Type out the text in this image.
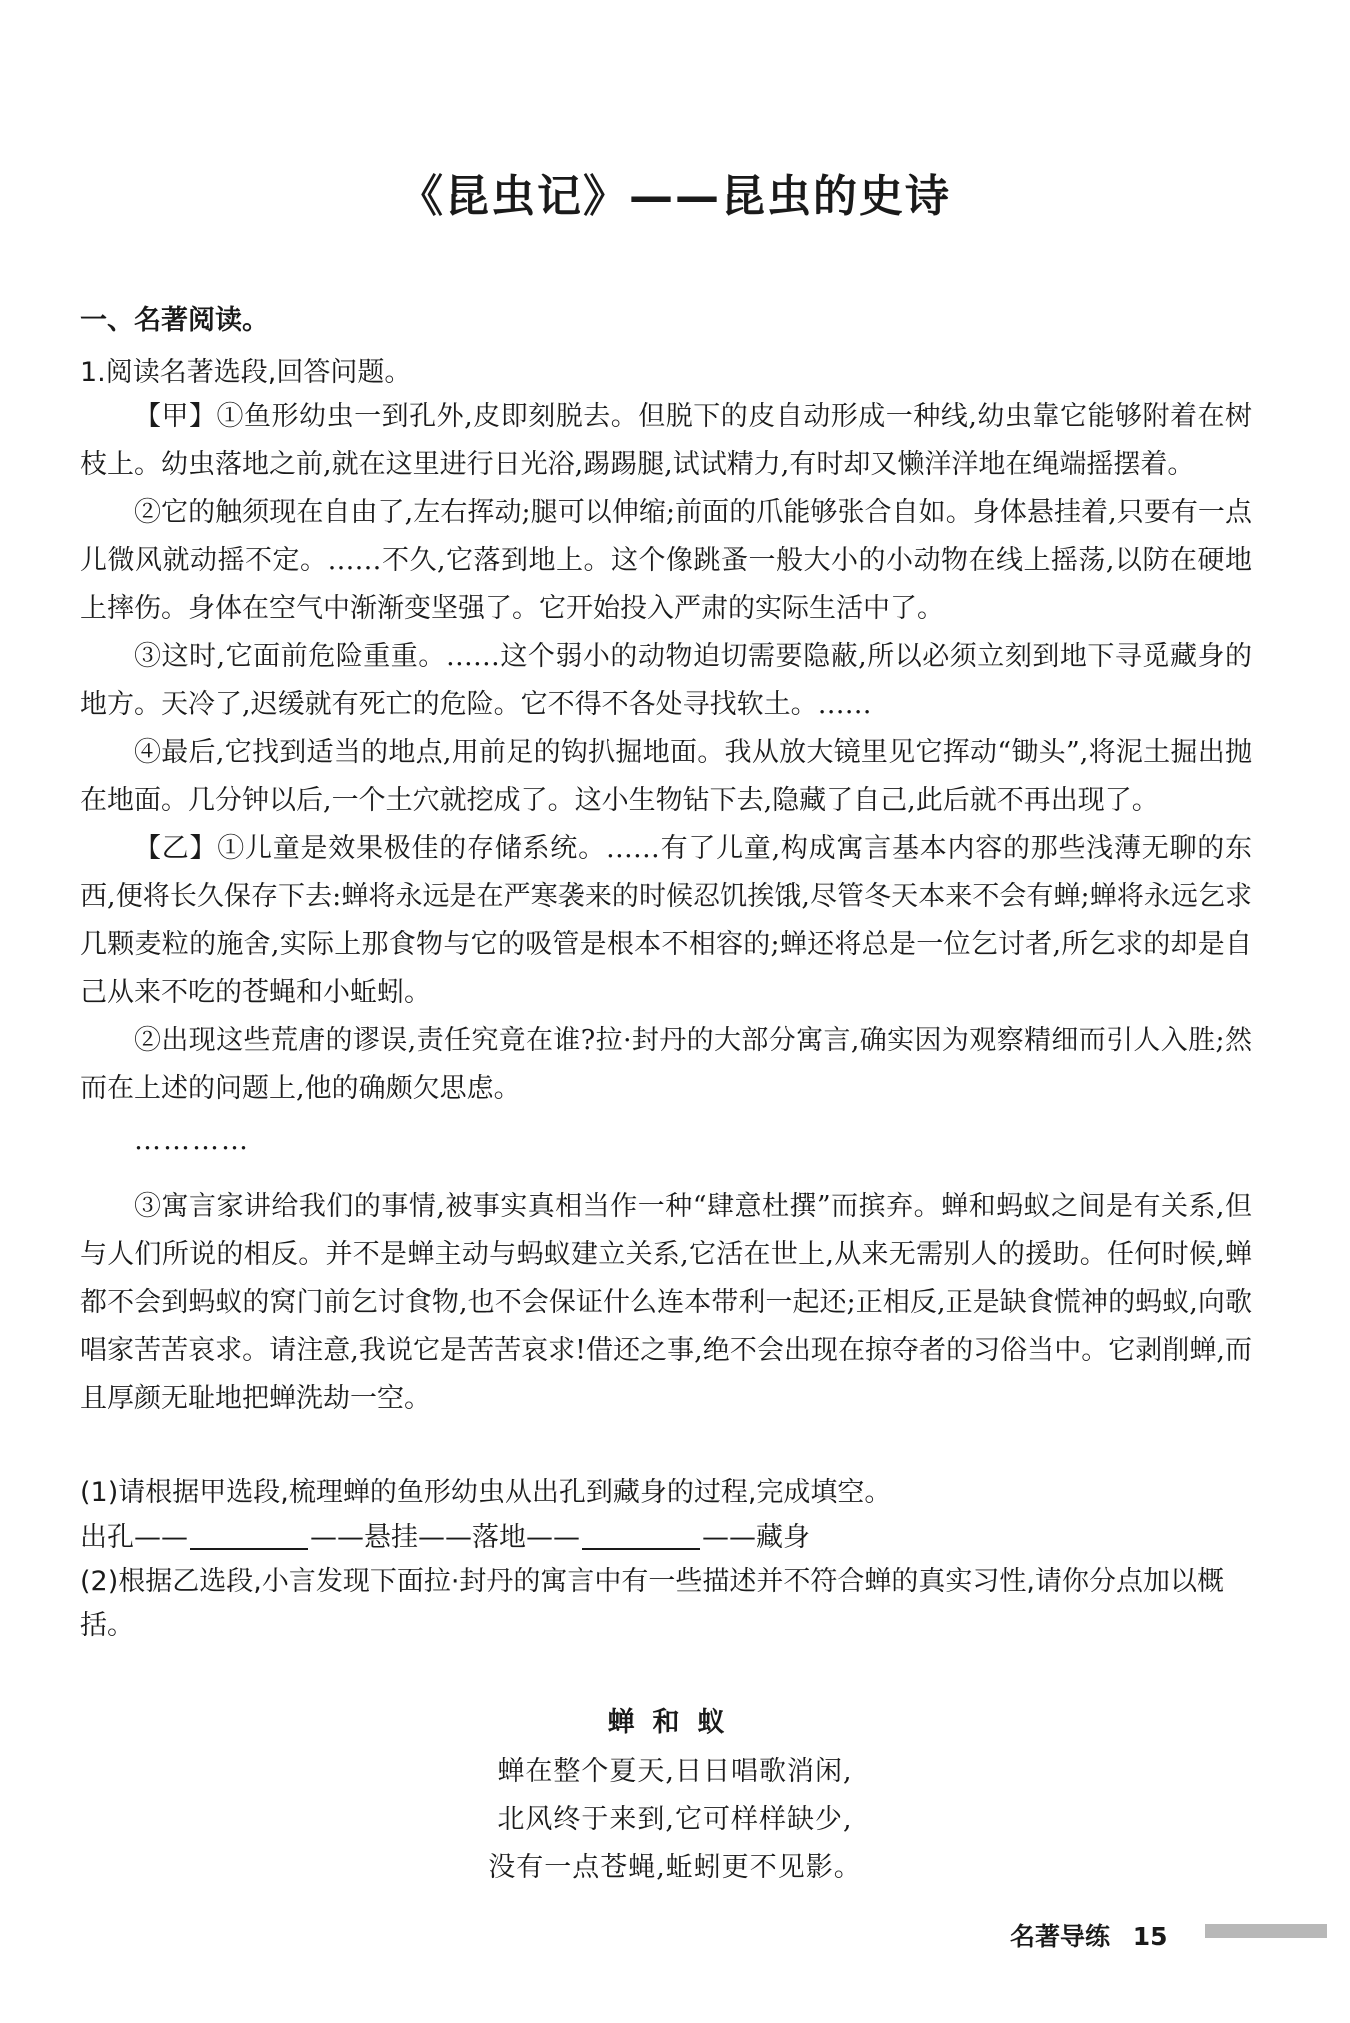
《昆虫记》——昆虫的史诗
一、名著阅读。
1.阅读名著选段,回答问题。

【甲】①鱼形幼虫一到孔外,皮即刻脱去。但脱下的皮自动形成一种线,幼虫靠它能够附着在树枝上。幼虫落地之前,就在这里进行日光浴,踢踢腿,试试精力,有时却又懒洋洋地在绳端摇摆着。

②它的触须现在自由了,左右挥动;腿可以伸缩;前面的爪能够张合自如。身体悬挂着,只要有一点儿微风就动摇不定。……不久,它落到地上。这个像跳蚤一般大小的小动物在线上摇荡,以防在硬地上摔伤。身体在空气中渐渐变坚强了。它开始投入严肃的实际生活中了。

③这时,它面前危险重重。……这个弱小的动物迫切需要隐蔽,所以必须立刻到地下寻觅藏身的地方。天冷了,迟缓就有死亡的危险。它不得不各处寻找软土。……

④最后,它找到适当的地点,用前足的钩扒掘地面。我从放大镜里见它挥动“锄头”,将泥土掘出抛在地面。几分钟以后,一个土穴就挖成了。这小生物钻下去,隐藏了自己,此后就不再出现了。

【乙】①儿童是效果极佳的存储系统。……有了儿童,构成寓言基本内容的那些浅薄无聊的东西,便将长久保存下去:蝉将永远是在严寒袭来的时候忍饥挨饿,尽管冬天本来不会有蝉;蝉将永远乞求几颗麦粒的施舍,实际上那食物与它的吸管是根本不相容的;蝉还将总是一位乞讨者,所乞求的却是自己从来不吃的苍蝇和小蚯蚓。

②出现这些荒唐的谬误,责任究竟在谁?拉·封丹的大部分寓言,确实因为观察精细而引人入胜;然而在上述的问题上,他的确颇欠思虑。

…………

③寓言家讲给我们的事情,被事实真相当作一种“肆意杜撰”而摈弃。蝉和蚂蚁之间是有关系,但与人们所说的相反。并不是蝉主动与蚂蚁建立关系,它活在世上,从来无需别人的援助。任何时候,蝉都不会到蚂蚁的窝门前乞讨食物,也不会保证什么连本带利一起还;正相反,正是缺食慌神的蚂蚁,向歌唱家苦苦哀求。请注意,我说它是苦苦哀求!借还之事,绝不会出现在掠夺者的习俗当中。它剥削蝉,而且厚颜无耻地把蝉洗劫一空。

(1)请根据甲选段,梳理蝉的鱼形幼虫从出孔到藏身的过程,完成填空。
出孔——	——悬挂——落地——	——藏身
(2)根据乙选段,小言发现下面拉·封丹的寓言中有一些描述并不符合蝉的真实习性,请你分点加以概括。
蝉和蚁
蝉在整个夏天,日日唱歌消闲,
北风终于来到,它可样样缺少,
没有一点苍蝇,蚯蚓更不见影。
名著导练 15
